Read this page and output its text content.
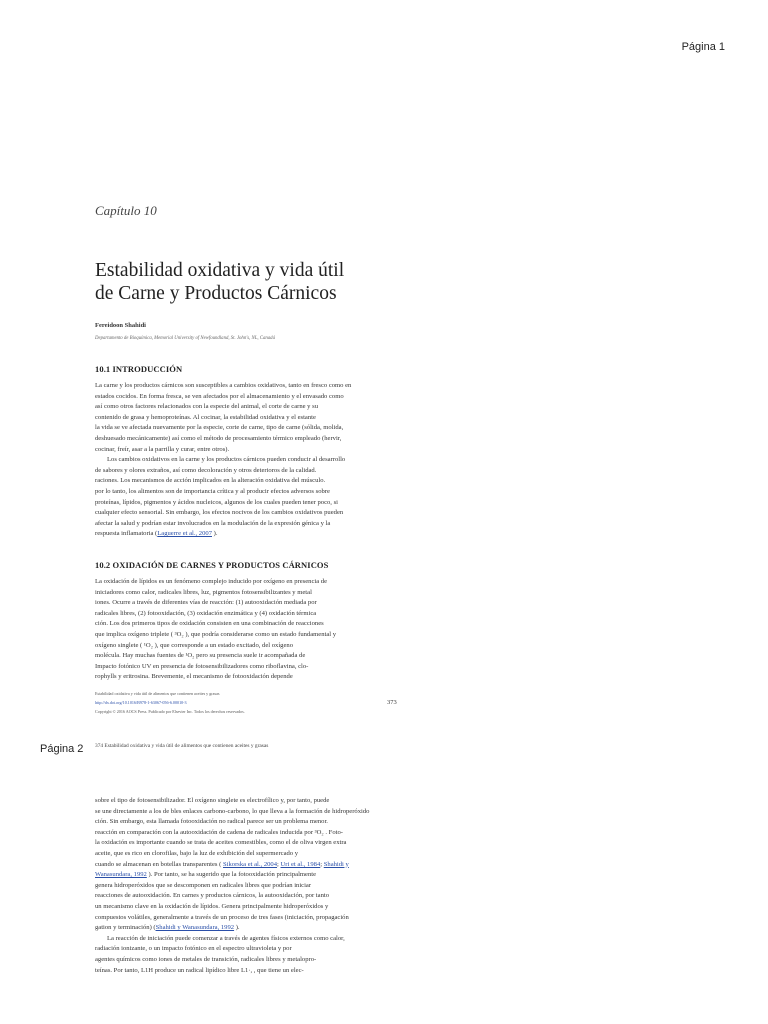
Página 1
Capítulo 10
Estabilidad oxidativa y vida útil
de Carne y Productos Cárnicos
Fereidoon Shahidi
Departamento de Bioquímica, Memorial University of Newfoundland, St. John's, NL, Canadá
10.1 INTRODUCCIÓN
La carne y los productos cárnicos son susceptibles a cambios oxidativos, tanto en fresco como en
estados cocidos. En forma fresca, se ven afectados por el almacenamiento y el envasado como
así como otros factores relacionados con la especie del animal, el corte de carne y su
contenido de grasa y hemoproteínas. Al cocinar, la estabilidad oxidativa y el estante
la vida se ve afectada nuevamente por la especie, corte de carne, tipo de carne (sólida, molida,
deshuesado mecánicamente) así como el método de procesamiento térmico empleado (hervir,
cocinar, freír, asar a la parrilla y curar, entre otros).
Los cambios oxidativos en la carne y los productos cárnicos pueden conducir al desarrollo
de sabores y olores extraños, así como decoloración y otros deterioros de la calidad.
raciones. Los mecanismos de acción implicados en la alteración oxidativa del músculo.
por lo tanto, los alimentos son de importancia crítica y al producir efectos adversos sobre
proteínas, lípidos, pigmentos y ácidos nucleicos, algunos de los cuales pueden tener poco, si
cualquier efecto sensorial. Sin embargo, los efectos nocivos de los cambios oxidativos pueden
afectar la salud y podrían estar involucrados en la modulación de la expresión génica y la
respuesta inflamatoria (Laguerre et al., 2007 ).
10.2 OXIDACIÓN DE CARNES Y PRODUCTOS CÁRNICOS
La oxidación de lípidos es un fenómeno complejo inducido por oxígeno en presencia de
iniciadores como calor, radicales libres, luz, pigmentos fotosensibilizantes y metal
iones. Ocurre a través de diferentes vías de reacción: (1) autooxidación mediada por
radicales libres, (2) fotooxidación, (3) oxidación enzimática y (4) oxidación térmica
ción. Los dos primeros tipos de oxidación consisten en una combinación de reacciones
que implica oxígeno triplete ( ³O₂ ), que podría considerarse como un estado fundamental y
oxígeno singlete ( ¹O₂ ), que corresponde a un estado excitado, del oxígeno
molécula. Hay muchas fuentes de ¹O₂ pero su presencia suele ir acompañada de
Impacto fotónico UV en presencia de fotosensibilizadores como riboflavina, clo-
rophylls y eritrosina. Brevemente, el mecanismo de fotooxidación depende
Estabilidad oxidativa y vida útil de alimentos que contienen aceites y grasas
http://dx.doi.org/10.1016/B978-1-63067-056-6.00010-3
Copyright © 2016 AOCS Press. Publicado por Elsevier Inc. Todos los derechos reservados.
373
Página 2 374 Estabilidad oxidativa y vida útil de alimentos que contienen aceites y grasas
sobre el tipo de fotosensibilizador. El oxígeno singlete es electrofílico y, por tanto, puede
se une directamente a los de bles enlaces carbono-carbono, lo que lleva a la formación de hidroperóxido
ción. Sin embargo, esta llamada fotooxidación no radical parece ser un problema menor.
reacción en comparación con la autooxidación de cadena de radicales inducida por ³O₂ . Foto-
la oxidación es importante cuando se trata de aceites comestibles, como el de oliva virgen extra
aceite, que es rico en clorofilas, bajo la luz de exhibición del supermercado y
cuando se almacenan en botellas transparentes ( Sikorska et al., 2004; Uri et al., 1984; Shahidi y
Wanasundara, 1992 ). Por tanto, se ha sugerido que la fotooxidación principalmente
genera hidroperóxidos que se descomponen en radicales libres que podrían iniciar
reacciones de autooxidación. En carnes y productos cárnicos, la autooxidación, por tanto
un mecanismo clave en la oxidación de lípidos. Genera principalmente hidroperóxidos y
compuestos volátiles, generalmente a través de un proceso de tres fases (iniciación, propagación
gation y terminación) (Shahidi y Wanasundara, 1992 ).
La reacción de iniciación puede comenzar a través de agentes físicos externos como calor,
radiación ionizante, o un impacto fotónico en el espectro ultravioleta y por
agentes químicos como iones de metales de transición, radicales libres y metaloprо-
teínas. Por tanto, L1H produce un radical lipídico libre L1·, , que tiene un elec-
